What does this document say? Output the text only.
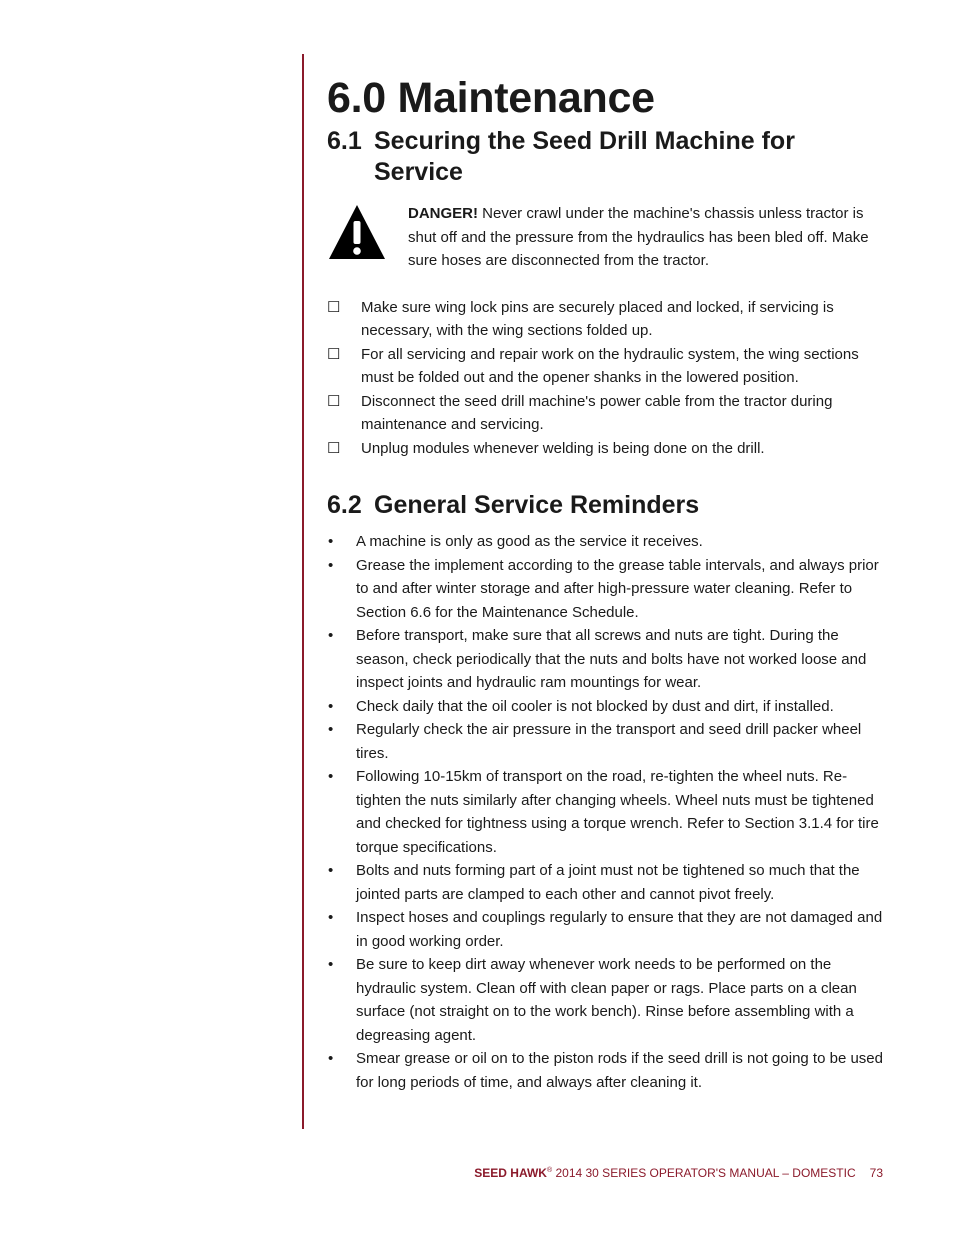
6.0 Maintenance
6.1 Securing the Seed Drill Machine for Service
DANGER! Never crawl under the machine's chassis unless tractor is shut off and the pressure from the hydraulics has been bled off. Make sure hoses are disconnected from the tractor.
☐	Make sure wing lock pins are securely placed and locked, if servicing is necessary, with the wing sections folded up.
☐	For all servicing and repair work on the hydraulic system, the wing sections must be folded out and the opener shanks in the lowered position.
☐	Disconnect the seed drill machine's power cable from the tractor during maintenance and servicing.
☐	Unplug modules whenever welding is being done on the drill.
6.2 General Service Reminders
•	A machine is only as good as the service it receives.
•	Grease the implement according to the grease table intervals, and always prior to and after winter storage and after high-pressure water cleaning. Refer to Section 6.6 for the Maintenance Schedule.
•	Before transport, make sure that all screws and nuts are tight. During the season, check periodically that the nuts and bolts have not worked loose and inspect joints and hydraulic ram mountings for wear.
•	Check daily that the oil cooler is not blocked by dust and dirt, if installed.
•	Regularly check the air pressure in the transport and seed drill packer wheel tires.
•	Following 10-15km of transport on the road, re-tighten the wheel nuts. Re-tighten the nuts similarly after changing wheels. Wheel nuts must be tightened and checked for tightness using a torque wrench. Refer to Section 3.1.4 for tire torque specifications.
•	Bolts and nuts forming part of a joint must not be tightened so much that the jointed parts are clamped to each other and cannot pivot freely.
•	Inspect hoses and couplings regularly to ensure that they are not damaged and in good working order.
•	Be sure to keep dirt away whenever work needs to be performed on the hydraulic system. Clean off with clean paper or rags. Place parts on a clean surface (not straight on to the work bench). Rinse before assembling with a degreasing agent.
•	Smear grease or oil on to the piston rods if the seed drill is not going to be used for long periods of time, and always after cleaning it.
SEED HAWK® 2014 30 SERIES OPERATOR'S MANUAL – DOMESTIC 73
